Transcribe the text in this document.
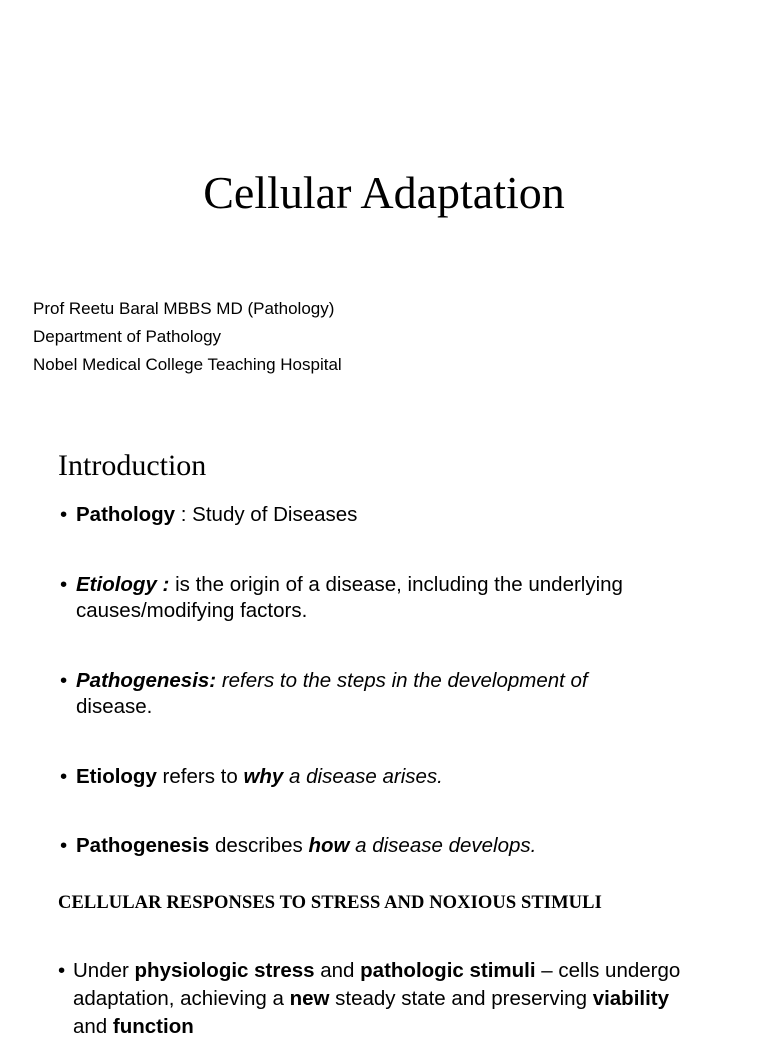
Cellular Adaptation
Prof Reetu Baral MBBS MD (Pathology)
Department of Pathology
Nobel Medical College Teaching Hospital
Introduction
• Pathology : Study of Diseases
• Etiology : is the origin of a disease, including the underlying causes/modifying factors.
• Pathogenesis: refers to the steps in the development of
disease.
• Etiology refers to why a disease arises.
• Pathogenesis describes how a disease develops.
CELLULAR RESPONSES TO STRESS AND NOXIOUS STIMULI
• Under physiologic stress and pathologic stimuli – cells undergo adaptation, achieving a new steady state and preserving viability and function
